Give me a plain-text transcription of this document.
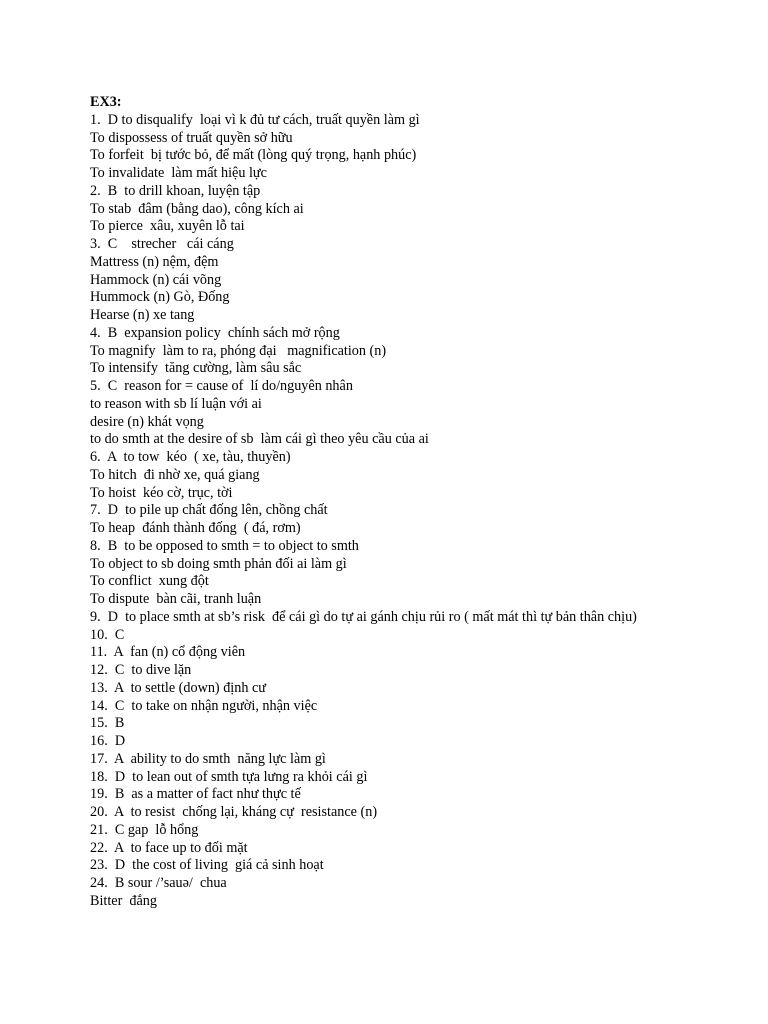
EX3:
1.  D to disqualify  loại vì k đủ tư cách, truất quyền làm gì
To dispossess of truất quyền sở hữu
To forfeit  bị tước bỏ, để mất (lòng quý trọng, hạnh phúc)
To invalidate  làm mất hiệu lực
2.  B  to drill khoan, luyện tập
To stab  đâm (bằng dao), công kích ai
To pierce  xâu, xuyên lỗ tai
3.  C    strecher   cái cáng
Mattress (n) nệm, đệm
Hammock (n) cái võng
Hummock (n) Gò, Đống
Hearse (n) xe tang
4.  B  expansion policy  chính sách mở rộng
To magnify  làm to ra, phóng đại   magnification (n)
To intensify  tăng cường, làm sâu sắc
5.  C  reason for = cause of  lí do/nguyên nhân
to reason with sb lí luận với ai
desire (n) khát vọng
to do smth at the desire of sb  làm cái gì theo yêu cầu của ai
6.  A  to tow  kéo  ( xe, tàu, thuyền)
To hitch  đi nhờ xe, quá giang
To hoist  kéo cờ, trục, tời
7.  D  to pile up chất đống lên, chồng chất
To heap  đánh thành đống  ( đá, rơm)
8.  B  to be opposed to smth = to object to smth
To object to sb doing smth phản đối ai làm gì
To conflict  xung đột
To dispute  bàn cãi, tranh luận
9.  D  to place smth at sb’s risk  để cái gì do tự ai gánh chịu rủi ro ( mất mát thì tự bản thân chịu)
10.  C
11.  A  fan (n) cổ động viên
12.  C  to dive lặn
13.  A  to settle (down) định cư
14.  C  to take on nhận người, nhận việc
15.  B
16.  D
17.  A  ability to do smth  năng lực làm gì
18.  D  to lean out of smth tựa lưng ra khỏi cái gì
19.  B  as a matter of fact như thực tế
20.  A  to resist  chống lại, kháng cự  resistance (n)
21.  C gap  lỗ hổng
22.  A  to face up to đối mặt
23.  D  the cost of living  giá cả sinh hoạt
24.  B sour /’sauə/  chua
Bitter  đắng
